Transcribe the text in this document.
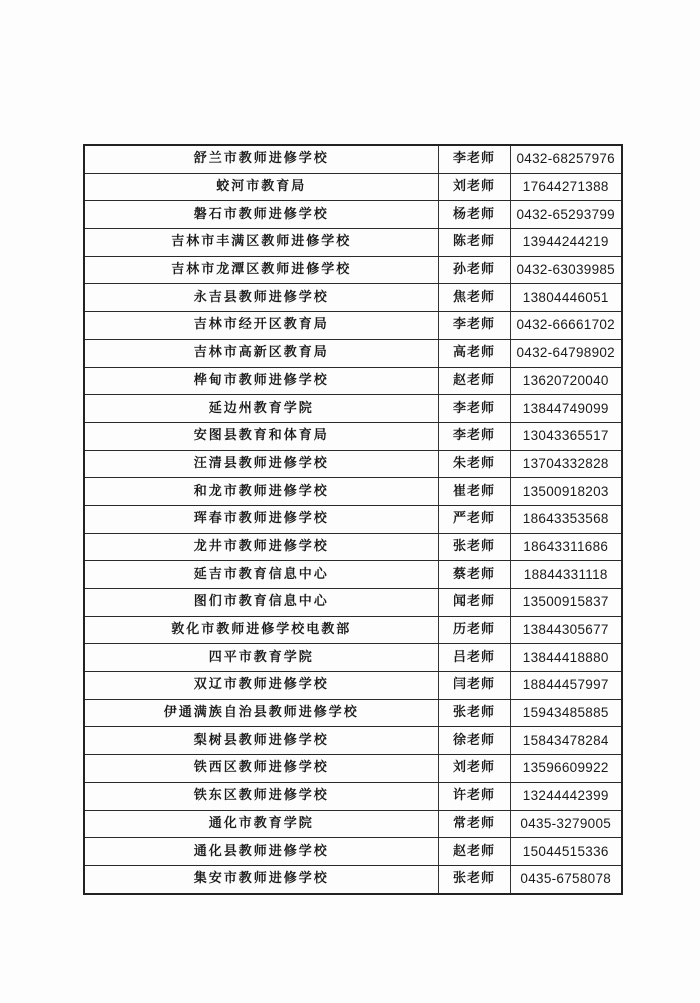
舒兰市教师进修学校	李老师	0432-68257976
蛟河市教育局	刘老师	17644271388
磐石市教师进修学校	杨老师	0432-65293799
吉林市丰满区教师进修学校	陈老师	13944244219
吉林市龙潭区教师进修学校	孙老师	0432-63039985
永吉县教师进修学校	焦老师	13804446051
吉林市经开区教育局	李老师	0432-66661702
吉林市高新区教育局	高老师	0432-64798902
桦甸市教师进修学校	赵老师	13620720040
延边州教育学院	李老师	13844749099
安图县教育和体育局	李老师	13043365517
汪清县教师进修学校	朱老师	13704332828
和龙市教师进修学校	崔老师	13500918203
珲春市教师进修学校	严老师	18643353568
龙井市教师进修学校	张老师	18643311686
延吉市教育信息中心	蔡老师	18844331118
图们市教育信息中心	闻老师	13500915837
敦化市教师进修学校电教部	历老师	13844305677
四平市教育学院	吕老师	13844418880
双辽市教师进修学校	闫老师	18844457997
伊通满族自治县教师进修学校	张老师	15943485885
梨树县教师进修学校	徐老师	15843478284
铁西区教师进修学校	刘老师	13596609922
铁东区教师进修学校	许老师	13244442399
通化市教育学院	常老师	0435-3279005
通化县教师进修学校	赵老师	15044515336
集安市教师进修学校	张老师	0435-6758078
